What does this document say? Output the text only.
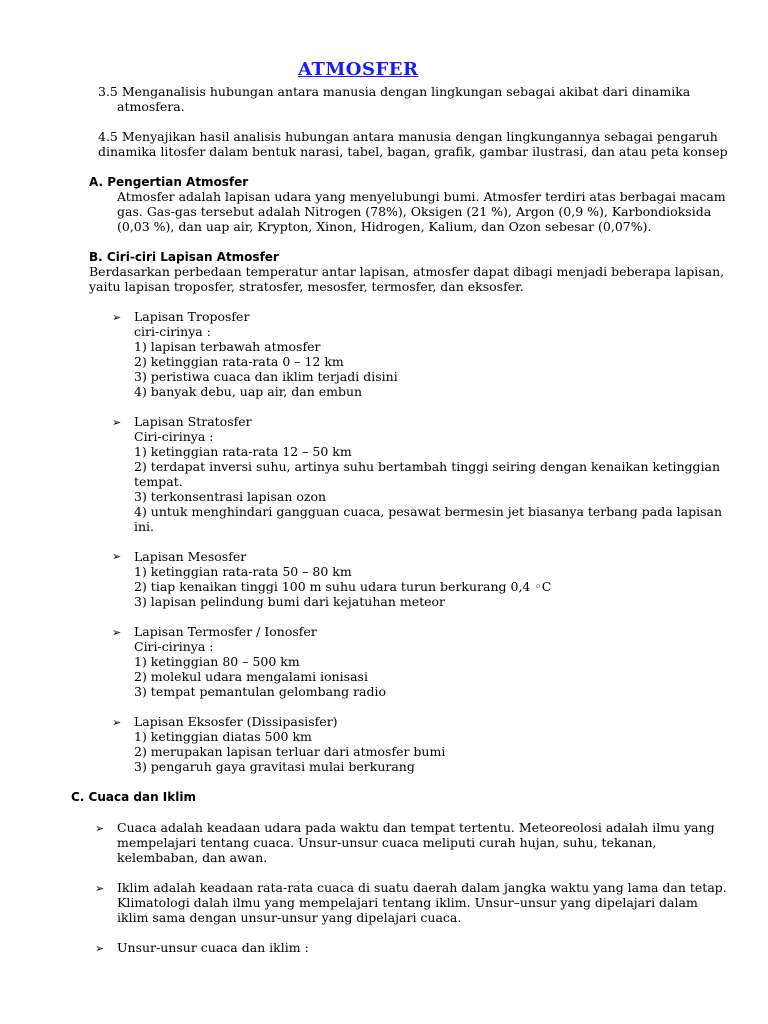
ATMOSFER
3.5 Menganalisis hubungan antara manusia dengan lingkungan sebagai akibat dari dinamika
atmosfera.
4.5 Menyajikan hasil analisis hubungan antara manusia dengan lingkungannya sebagai pengaruh
dinamika litosfer dalam bentuk narasi, tabel, bagan, grafik, gambar ilustrasi, dan atau peta konsep
A. Pengertian Atmosfer
Atmosfer adalah lapisan udara yang menyelubungi bumi. Atmosfer terdiri atas berbagai macam
gas. Gas-gas tersebut adalah Nitrogen (78%), Oksigen (21 %), Argon (0,9 %), Karbondioksida
(0,03 %), dan uap air, Krypton, Xinon, Hidrogen, Kalium, dan Ozon sebesar (0,07%).
B. Ciri-ciri Lapisan Atmosfer
Berdasarkan perbedaan temperatur antar lapisan, atmosfer dapat dibagi menjadi beberapa lapisan,
yaitu lapisan troposfer, stratosfer, mesosfer, termosfer, dan eksosfer.
➢ Lapisan Troposfer
ciri-cirinya :
1) lapisan terbawah atmosfer
2) ketinggian rata-rata 0 – 12 km
3) peristiwa cuaca dan iklim terjadi disini
4) banyak debu, uap air, dan embun
➢ Lapisan Stratosfer
Ciri-cirinya :
1) ketinggian rata-rata 12 – 50 km
2) terdapat inversi suhu, artinya suhu bertambah tinggi seiring dengan kenaikan ketinggian
tempat.
3) terkonsentrasi lapisan ozon
4) untuk menghindari gangguan cuaca, pesawat bermesin jet biasanya terbang pada lapisan
ini.
➢ Lapisan Mesosfer
1) ketinggian rata-rata 50 – 80 km
2) tiap kenaikan tinggi 100 m suhu udara turun berkurang 0,4 ◦C
3) lapisan pelindung bumi dari kejatuhan meteor
➢ Lapisan Termosfer / Ionosfer
Ciri-cirinya :
1) ketinggian 80 – 500 km
2) molekul udara mengalami ionisasi
3) tempat pemantulan gelombang radio
➢ Lapisan Eksosfer (Dissipasisfer)
1) ketinggian diatas 500 km
2) merupakan lapisan terluar dari atmosfer bumi
3) pengaruh gaya gravitasi mulai berkurang
C. Cuaca dan Iklim
➢ Cuaca adalah keadaan udara pada waktu dan tempat tertentu. Meteoreolosi adalah ilmu yang
mempelajari tentang cuaca. Unsur-unsur cuaca meliputi curah hujan, suhu, tekanan,
kelembaban, dan awan.
➢ Iklim adalah keadaan rata-rata cuaca di suatu daerah dalam jangka waktu yang lama dan tetap.
Klimatologi dalah ilmu yang mempelajari tentang iklim. Unsur–unsur yang dipelajari dalam
iklim sama dengan unsur-unsur yang dipelajari cuaca.
➢ Unsur-unsur cuaca dan iklim :
